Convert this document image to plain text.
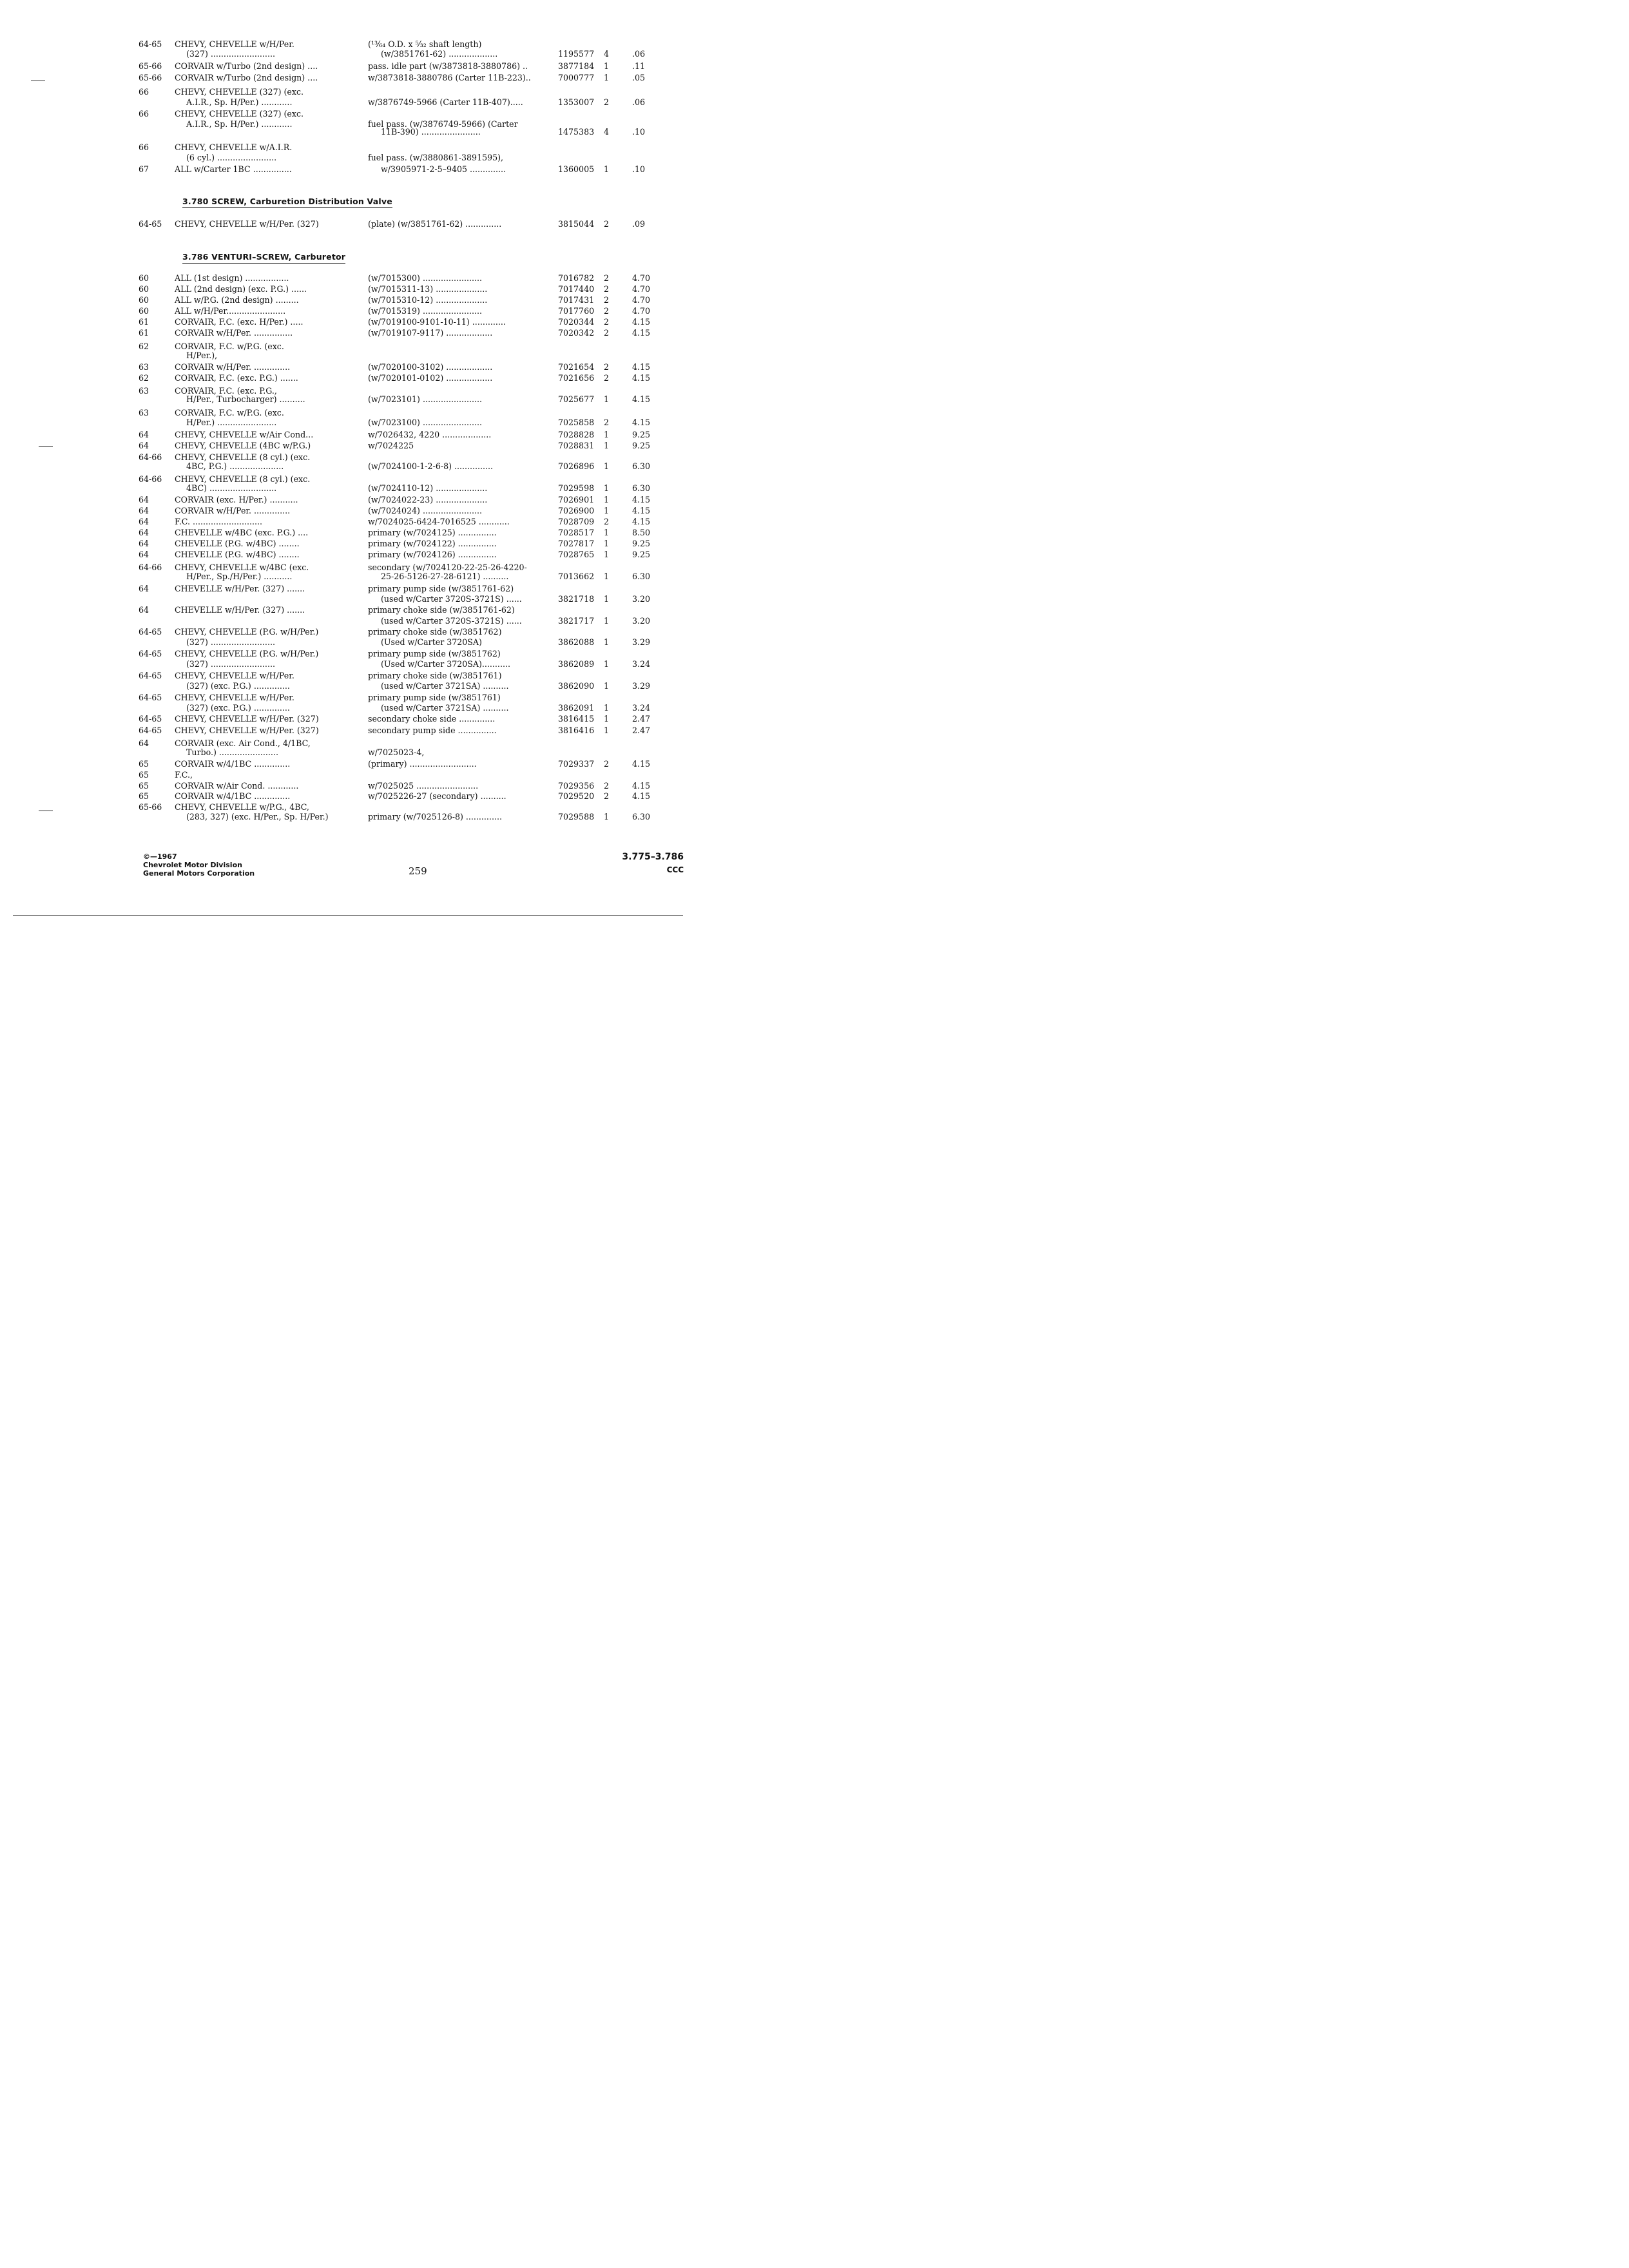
64-65 CHEVY, CHEVELLE w/H/Per.	(¹³⁄₆₄ O.D. x ⁵⁄₃₂ shaft length)
(327) .........................	(w/3851761-62) ...................	1195577 4	.06
65-66 CORVAIR w/Turbo (2nd design) ....	pass. idle part (w/3873818-3880786) ..	3877184 1	.11
65-66 CORVAIR w/Turbo (2nd design) ....	w/3873818-3880786 (Carter 11B-223)..	7000777 1	.05
66	CHEVY, CHEVELLE (327) (exc.
A.I.R., Sp. H/Per.) ............	w/3876749-5966 (Carter 11B-407).....	1353007 2	.06
66	CHEVY, CHEVELLE (327) (exc.
A.I.R., Sp. H/Per.) ............	fuel pass. (w/3876749-5966) (Carter
11B-390) .......................	1475383 4	.10
66	CHEVY, CHEVELLE w/A.I.R.
(6 cyl.) .......................	fuel pass. (w/3880861-3891595),
67	ALL w/Carter 1BC ...............	w/3905971-2-5–9405 ..............	1360005 1	.10
3.780 SCREW, Carburetion Distribution Valve
64-65 CHEVY, CHEVELLE w/H/Per. (327)	(plate) (w/3851761-62) ..............	3815044 2	.09
3.786 VENTURI–SCREW, Carburetor
60	ALL (1st design) .................	(w/7015300) .......................	7016782 2	4.70
60	ALL (2nd design) (exc. P.G.) ......	(w/7015311-13) ....................	7017440 2	4.70
60	ALL w/P.G. (2nd design) .........	(w/7015310-12) ....................	7017431 2	4.70
60	ALL w/H/Per.......................	(w/7015319) .......................	7017760 2	4.70
61	CORVAIR, F.C. (exc. H/Per.) .....	(w/7019100-9101-10-11) .............	7020344 2	4.15
61	CORVAIR w/H/Per. ...............	(w/7019107-9117) ..................	7020342 2	4.15
62	CORVAIR, F.C. w/P.G. (exc.
H/Per.),
63	CORVAIR w/H/Per. ..............	(w/7020100-3102) ..................	7021654 2	4.15
62	CORVAIR, F.C. (exc. P.G.) .......	(w/7020101-0102) ..................	7021656 2	4.15
63	CORVAIR, F.C. (exc. P.G.,
H/Per., Turbocharger) ..........	(w/7023101) .......................	7025677 1	4.15
63	CORVAIR, F.C. w/P.G. (exc.
H/Per.) .......................	(w/7023100) .......................	7025858 2	4.15
64	CHEVY, CHEVELLE w/Air Cond...	w/7026432, 4220 ...................	7028828 1	9.25
64	CHEVY, CHEVELLE (4BC w/P.G.)	w/7024225	7028831 1	9.25
64-66 CHEVY, CHEVELLE (8 cyl.) (exc.
4BC, P.G.) .....................	(w/7024100-1-2-6-8) ...............	7026896 1	6.30
64-66 CHEVY, CHEVELLE (8 cyl.) (exc.
4BC) ..........................	(w/7024110-12) ....................	7029598 1	6.30
64	CORVAIR (exc. H/Per.) ...........	(w/7024022-23) ....................	7026901 1	4.15
64	CORVAIR w/H/Per. ..............	(w/7024024) .......................	7026900 1	4.15
64	F.C. ...........................	w/7024025-6424-7016525 ............	7028709 2	4.15
64	CHEVELLE w/4BC (exc. P.G.) ....	primary (w/7024125) ...............	7028517 1	8.50
64	CHEVELLE (P.G. w/4BC) ........	primary (w/7024122) ...............	7027817 1	9.25
64	CHEVELLE (P.G. w/4BC) ........	primary (w/7024126) ...............	7028765 1	9.25
64-66 CHEVY, CHEVELLE w/4BC (exc.	secondary (w/7024120-22-25-26-4220-
H/Per., Sp./H/Per.) ...........	25-26-5126-27-28-6121) ..........	7013662 1	6.30
64	CHEVELLE w/H/Per. (327) .......	primary pump side (w/3851761-62)
(used w/Carter 3720S-3721S) ......	3821718 1	3.20
64	CHEVELLE w/H/Per. (327) .......	primary choke side (w/3851761-62)
(used w/Carter 3720S-3721S) ......	3821717 1	3.20
64-65 CHEVY, CHEVELLE (P.G. w/H/Per.)	primary choke side (w/3851762)
(327) .........................	(Used w/Carter 3720SA)	3862088 1	3.29
64-65 CHEVY, CHEVELLE (P.G. w/H/Per.)	primary pump side (w/3851762)
(327) .........................	(Used w/Carter 3720SA)...........	3862089 1	3.24
64-65 CHEVY, CHEVELLE w/H/Per.	primary choke side (w/3851761)
(327) (exc. P.G.) ..............	(used w/Carter 3721SA) ..........	3862090 1	3.29
64-65 CHEVY, CHEVELLE w/H/Per.	primary pump side (w/3851761)
(327) (exc. P.G.) ..............	(used w/Carter 3721SA) ..........	3862091 1	3.24
64-65 CHEVY, CHEVELLE w/H/Per. (327)	secondary choke side ..............	3816415 1	2.47
64-65 CHEVY, CHEVELLE w/H/Per. (327)	secondary pump side ...............	3816416 1	2.47
64	CORVAIR (exc. Air Cond., 4/1BC,
Turbo.) .......................	w/7025023-4,
65	CORVAIR w/4/1BC ..............	(primary) ..........................	7029337 2	4.15
65	F.C.,
65	CORVAIR w/Air Cond. ............	w/7025025 ........................	7029356 2	4.15
65	CORVAIR w/4/1BC ..............	w/7025226-27 (secondary) ..........	7029520 2	4.15
65-66 CHEVY, CHEVELLE w/P.G., 4BC,
(283, 327) (exc. H/Per., Sp. H/Per.)	primary (w/7025126-8) ..............	7029588 1	6.30
©—1967
Chevrolet Motor Division
General Motors Corporation	259
3.775–3.786
CCC
